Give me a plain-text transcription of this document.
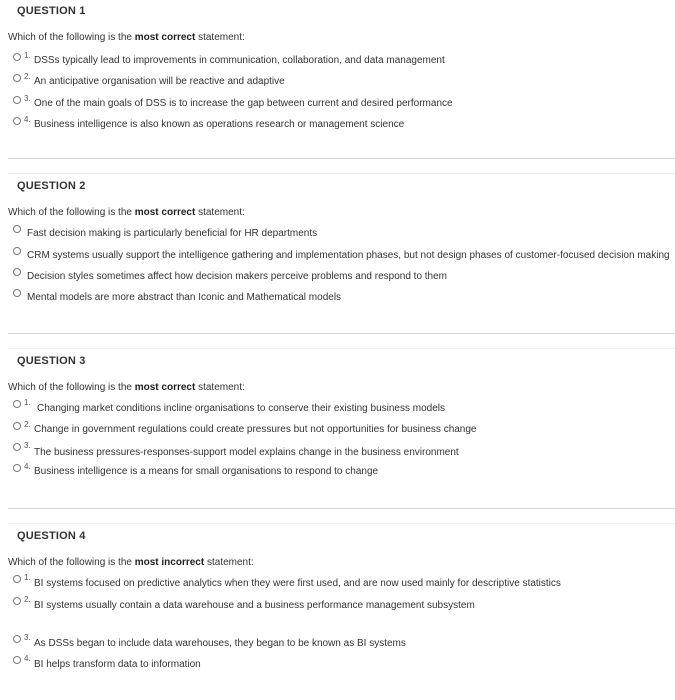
QUESTION 1
Which of the following is the most correct statement:
1. DSSs typically lead to improvements in communication, collaboration, and data management
2. An anticipative organisation will be reactive and adaptive
3. One of the main goals of DSS is to increase the gap between current and desired performance
4. Business intelligence is also known as operations research or management science
QUESTION 2
Which of the following is the most correct statement:
Fast decision making is particularly beneficial for HR departments
CRM systems usually support the intelligence gathering and implementation phases, but not design phases of customer-focused decision making
Decision styles sometimes affect how decision makers perceive problems and respond to them
Mental models are more abstract than Iconic and Mathematical models
QUESTION 3
Which of the following is the most correct statement:
1.
Changing market conditions incline organisations to conserve their existing business models
2. Change in government regulations could create pressures but not opportunities for business change
3.
The business pressures-responses-support model explains change in the business environment
4. Business intelligence is a means for small organisations to respond to change
QUESTION 4
Which of the following is the most incorrect statement:
1.
BI systems focused on predictive analytics when they were first used, and are now used mainly for descriptive statistics
2.
BI systems usually contain a data warehouse and a business performance management subsystem
3.
As DSSs began to include data warehouses, they began to be known as BI systems
4.
BI helps transform data to information
